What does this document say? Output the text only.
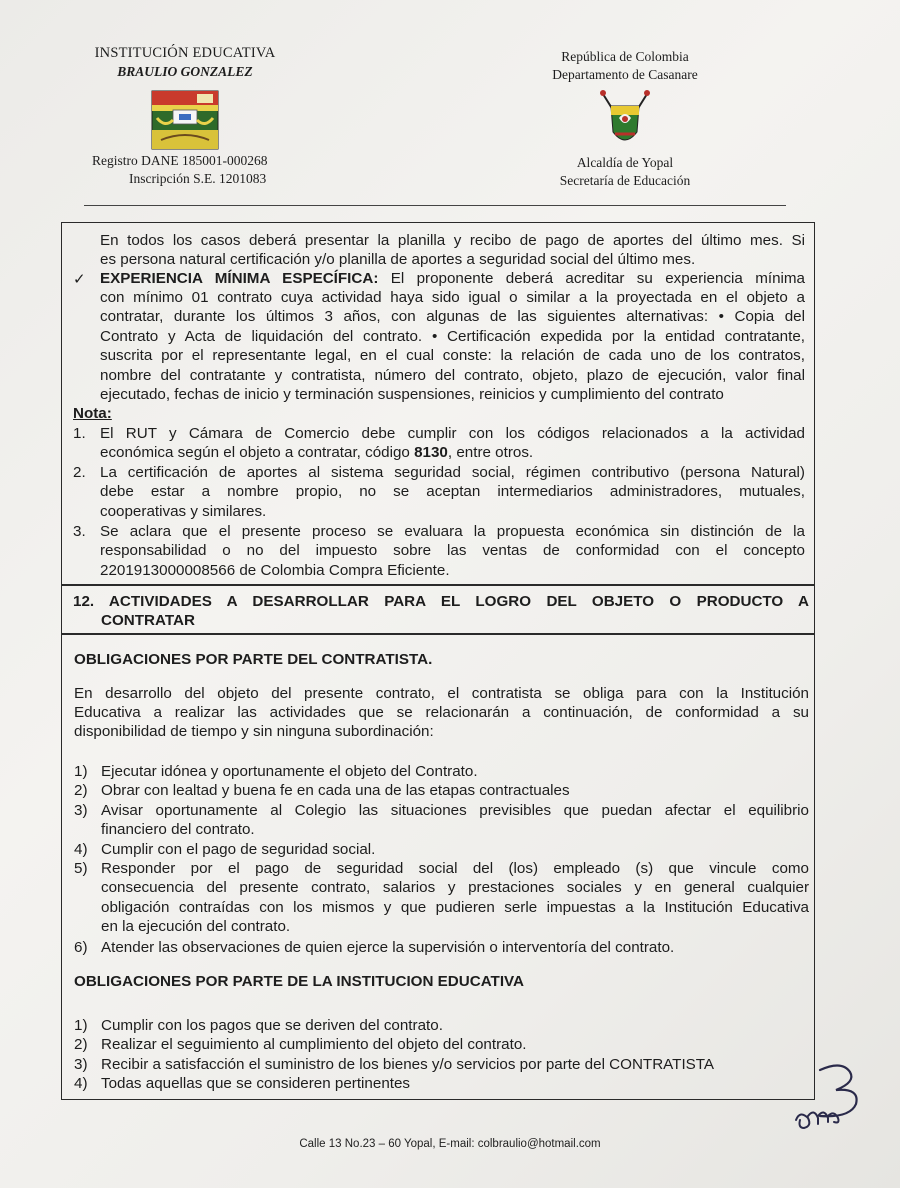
INSTITUCIÓN EDUCATIVA
BRAULIO GONZALEZ
Registro DANE 185001-000268
Inscripción S.E. 1201083
República de Colombia
Departamento de Casanare
Alcaldía de Yopal
Secretaría de Educación
En todos los casos deberá presentar la planilla y recibo de pago de aportes del último mes. Si
es persona natural certificación y/o planilla de aportes a seguridad social del último mes.
✓ EXPERIENCIA MÍNIMA ESPECÍFICA: El proponente deberá acreditar su experiencia mínima
con mínimo 01 contrato cuya actividad haya sido igual o similar a la proyectada en el objeto a
contratar, durante los últimos 3 años, con algunas de las siguientes alternativas: • Copia del
Contrato y Acta de liquidación del contrato. • Certificación expedida por la entidad contratante,
suscrita por el representante legal, en el cual conste: la relación de cada uno de los contratos,
nombre del contratante y contratista, número del contrato, objeto, plazo de ejecución, valor final
ejecutado, fechas de inicio y terminación suspensiones, reinicios y cumplimiento del contrato
Nota:
1. El RUT y Cámara de Comercio debe cumplir con los códigos relacionados a la actividad
económica según el objeto a contratar, código 8130, entre otros.
2. La certificación de aportes al sistema seguridad social, régimen contributivo (persona Natural)
debe estar a nombre propio, no se aceptan intermediarios administradores, mutuales,
cooperativas y similares.
3. Se aclara que el presente proceso se evaluara la propuesta económica sin distinción de la
responsabilidad o no del impuesto sobre las ventas de conformidad con el concepto
2201913000008566 de Colombia Compra Eficiente.
12. ACTIVIDADES A DESARROLLAR PARA EL LOGRO DEL OBJETO O PRODUCTO A
CONTRATAR
OBLIGACIONES POR PARTE DEL CONTRATISTA.
En desarrollo del objeto del presente contrato, el contratista se obliga para con la Institución
Educativa a realizar las actividades que se relacionarán a continuación, de conformidad a su
disponibilidad de tiempo y sin ninguna subordinación:
1) Ejecutar idónea y oportunamente el objeto del Contrato.
2) Obrar con lealtad y buena fe en cada una de las etapas contractuales
3) Avisar oportunamente al Colegio las situaciones previsibles que puedan afectar el equilibrio
financiero del contrato.
4) Cumplir con el pago de seguridad social.
5) Responder por el pago de seguridad social del (los) empleado (s) que vincule como
consecuencia del presente contrato, salarios y prestaciones sociales y en general cualquier
obligación contraídas con los mismos y que pudieren serle impuestas a la Institución Educativa
en la ejecución del contrato.
6) Atender las observaciones de quien ejerce la supervisión o interventoría del contrato.
OBLIGACIONES POR PARTE DE LA INSTITUCION EDUCATIVA
1) Cumplir con los pagos que se deriven del contrato.
2) Realizar el seguimiento al cumplimiento del objeto del contrato.
3) Recibir a satisfacción el suministro de los bienes y/o servicios por parte del CONTRATISTA
4) Todas aquellas que se consideren pertinentes
Calle 13 No.23 – 60 Yopal, E-mail: colbraulio@hotmail.com
